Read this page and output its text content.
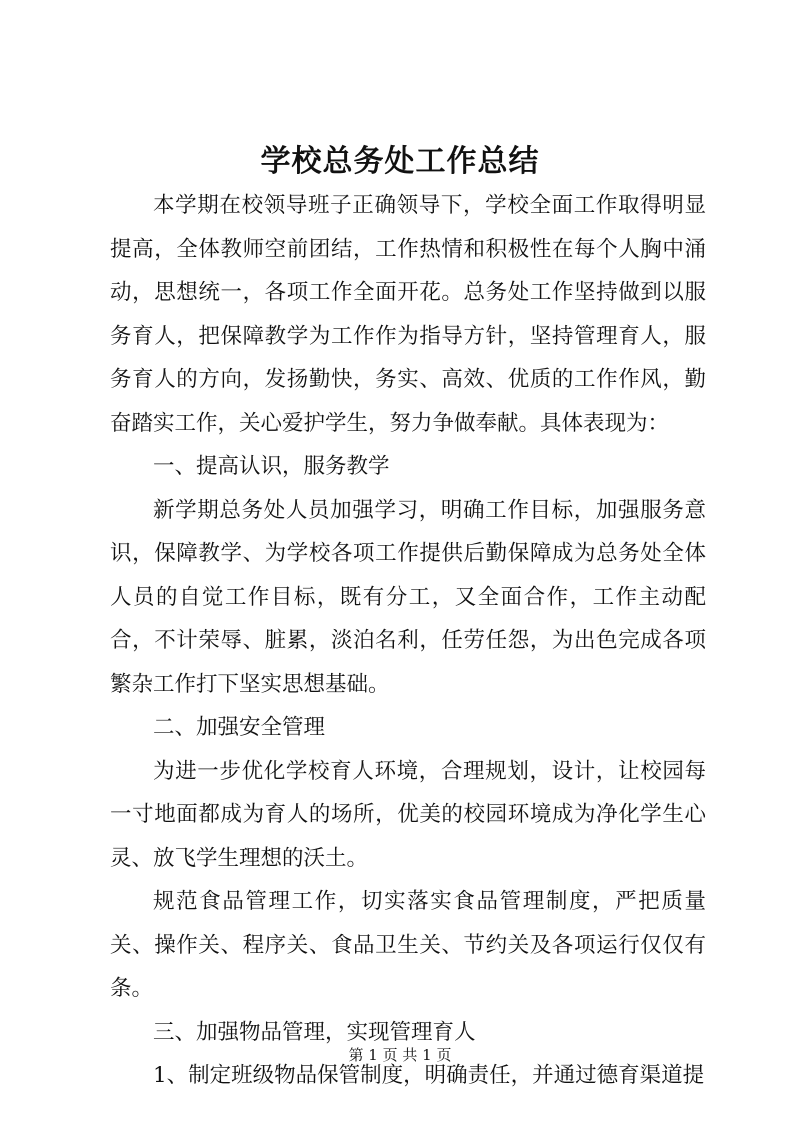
学校总务处工作总结

本学期在校领导班子正确领导下，学校全面工作取得明显提高，全体教师空前团结，工作热情和积极性在每个人胸中涌动，思想统一，各项工作全面开花。总务处工作坚持做到以服务育人，把保障教学为工作作为指导方针，坚持管理育人，服务育人的方向，发扬勤快，务实、高效、优质的工作作风，勤奋踏实工作，关心爱护学生，努力争做奉献。具体表现为：

一、提高认识，服务教学

新学期总务处人员加强学习，明确工作目标，加强服务意识，保障教学、为学校各项工作提供后勤保障成为总务处全体人员的自觉工作目标，既有分工，又全面合作，工作主动配合，不计荣辱、脏累，淡泊名利，任劳任怨，为出色完成各项繁杂工作打下坚实思想基础。

二、加强安全管理

为进一步优化学校育人环境，合理规划，设计，让校园每一寸地面都成为育人的场所，优美的校园环境成为净化学生心灵、放飞学生理想的沃土。

规范食品管理工作，切实落实食品管理制度，严把质量关、操作关、程序关、食品卫生关、节约关及各项运行仅仅有条。

三、加强物品管理，实现管理育人

1、制定班级物品保管制度，明确责任，并通过德育渠道提

第 1 页 共 1 页
